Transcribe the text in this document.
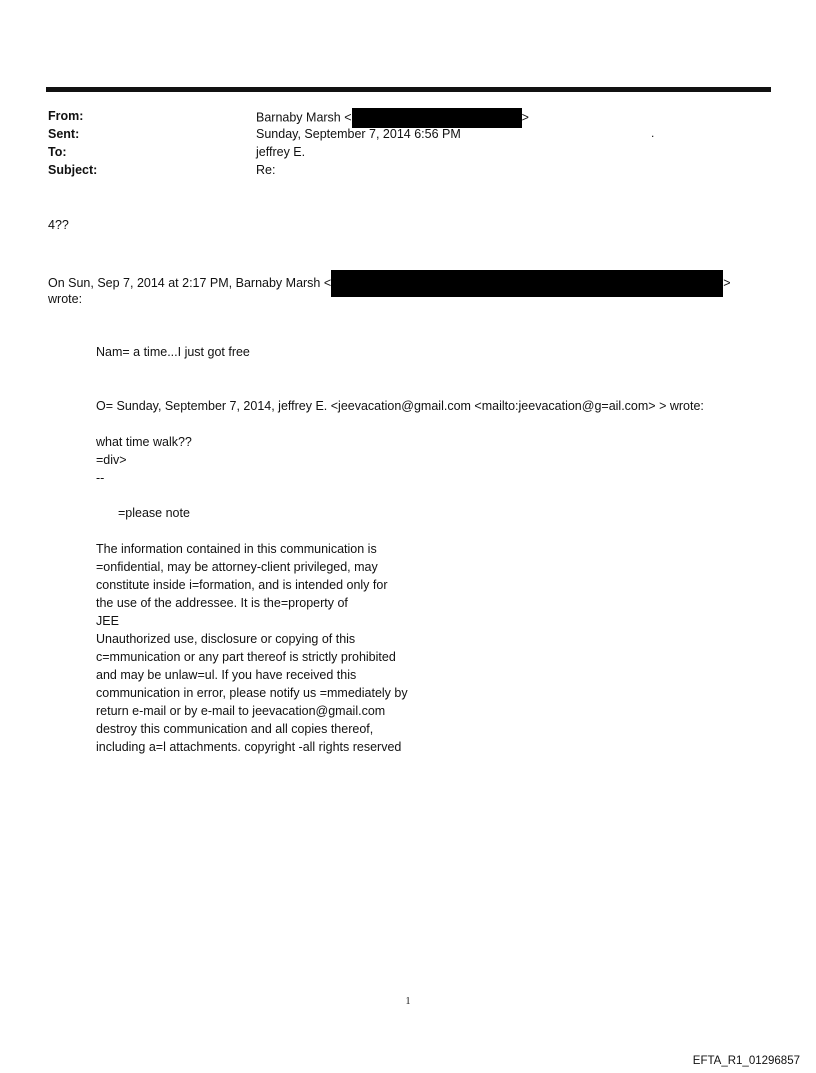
From:	Barnaby Marsh <	>
Sent:	Sunday, September 7, 2014 6:56 PM	.
To:	jeffrey E.
Subject:	Re:
4??
On Sun, Sep 7, 2014 at 2:17 PM, Barnaby Marsh <	>
wrote:
Nam= a time...I just got free
O= Sunday, September 7, 2014, jeffrey E. <jeevacation@gmail.com <mailto:jeevacation@g=ail.com> > wrote:
what time walk??
=div>
--
=please note
The information contained in this communication is
=onfidential, may be attorney-client privileged, may
constitute inside i=formation, and is intended only for
the use of the addressee. It is the=property of
JEE
Unauthorized use, disclosure or copying of this
c=mmunication or any part thereof is strictly prohibited
and may be unlaw=ul. If you have received this
communication in error, please notify us =mmediately by
return e-mail or by e-mail to jeevacation@gmail.com
destroy this communication and all copies thereof,
including a=l attachments. copyright -all rights reserved
1
EFTA_R1_01296857
